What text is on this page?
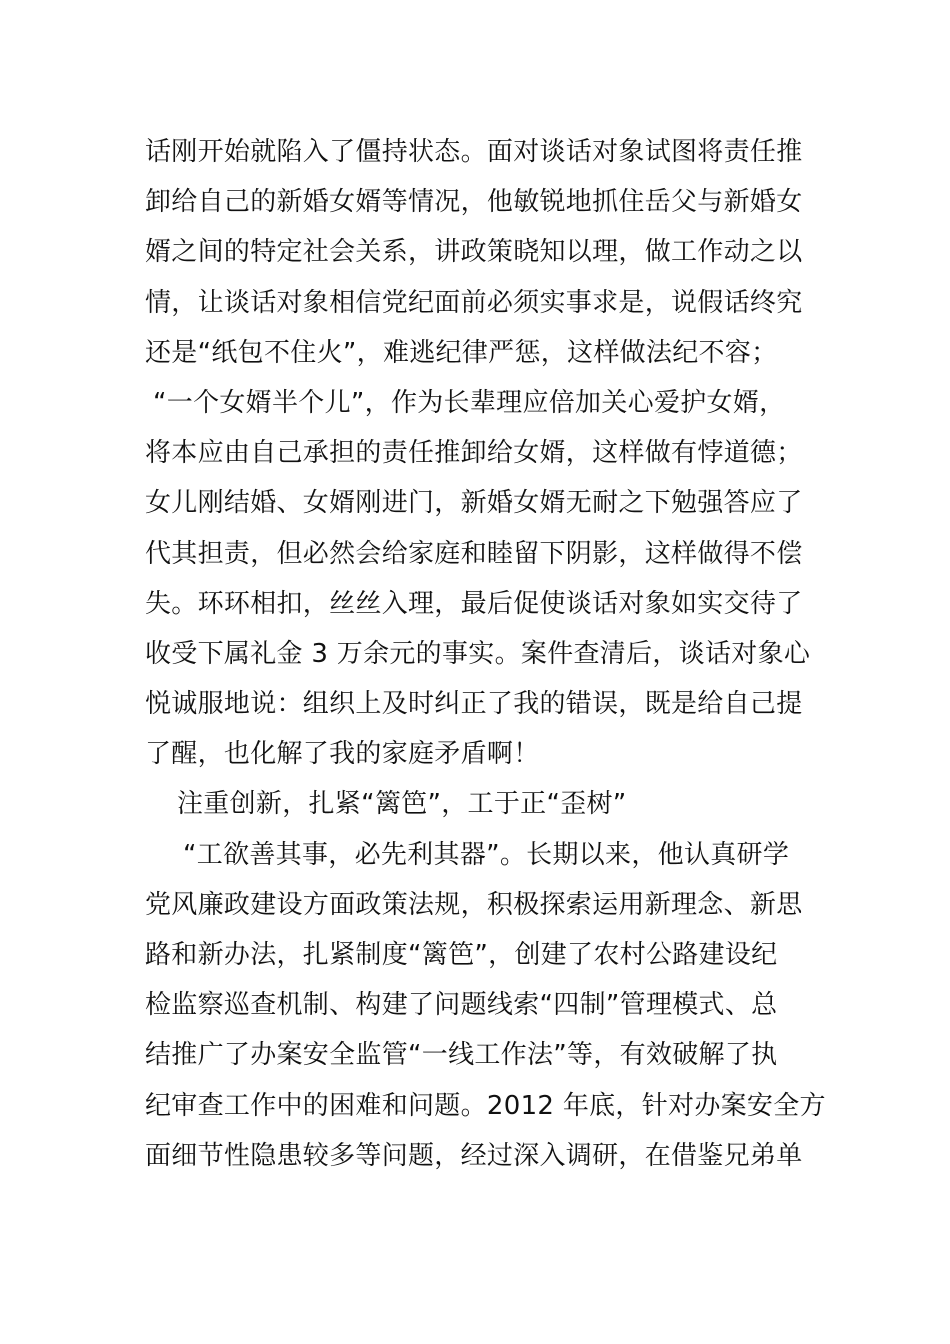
话刚开始就陷入了僵持状态。面对谈话对象试图将责任推
卸给自己的新婚女婿等情况，他敏锐地抓住岳父与新婚女
婿之间的特定社会关系，讲政策晓知以理，做工作动之以
情，让谈话对象相信党纪面前必须实事求是，说假话终究
还是“纸包不住火”，难逃纪律严惩，这样做法纪不容；
“一个女婿半个儿”，作为长辈理应倍加关心爱护女婿，
将本应由自己承担的责任推卸给女婿，这样做有悖道德；
女儿刚结婚、女婿刚进门，新婚女婿无耐之下勉强答应了
代其担责，但必然会给家庭和睦留下阴影，这样做得不偿
失。环环相扣，丝丝入理，最后促使谈话对象如实交待了
收受下属礼金 3 万余元的事实。案件查清后，谈话对象心
悦诚服地说：组织上及时纠正了我的错误，既是给自己提
了醒，也化解了我的家庭矛盾啊！
注重创新，扎紧“篱笆”，工于正“歪树”
“工欲善其事，必先利其器”。长期以来，他认真研学
党风廉政建设方面政策法规，积极探索运用新理念、新思
路和新办法，扎紧制度“篱笆”，创建了农村公路建设纪
检监察巡查机制、构建了问题线索“四制”管理模式、总
结推广了办案安全监管“一线工作法”等，有效破解了执
纪审查工作中的困难和问题。2012 年底，针对办案安全方
面细节性隐患较多等问题，经过深入调研，在借鉴兄弟单
